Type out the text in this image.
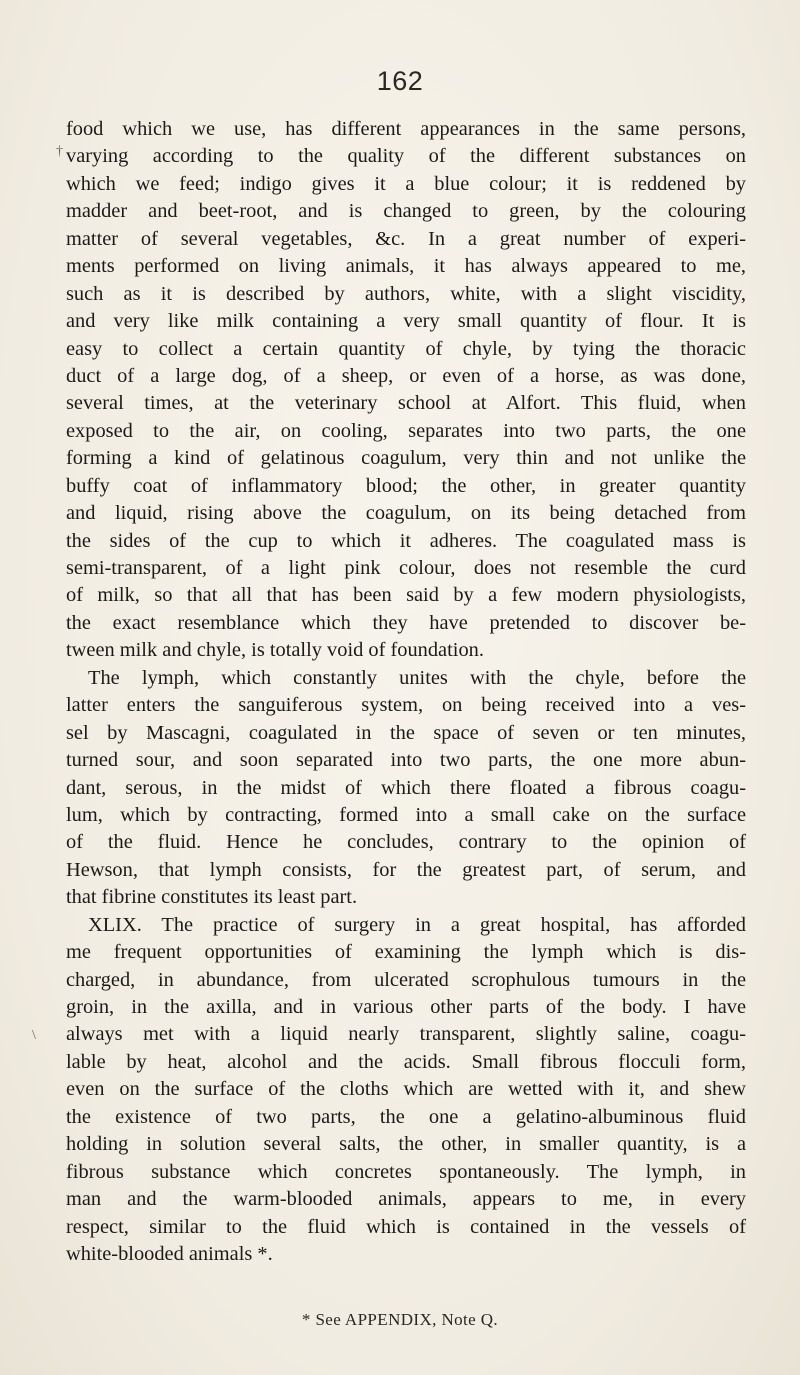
162
†
\
food which we use, has different appearances in the same persons,
varying according to the quality of the different substances on
which we feed; indigo gives it a blue colour; it is reddened by
madder and beet-root, and is changed to green, by the colouring
matter of several vegetables, &c. In a great number of experi-
ments performed on living animals, it has always appeared to me,
such as it is described by authors, white, with a slight viscidity,
and very like milk containing a very small quantity of flour. It is
easy to collect a certain quantity of chyle, by tying the thoracic
duct of a large dog, of a sheep, or even of a horse, as was done,
several times, at the veterinary school at Alfort. This fluid, when
exposed to the air, on cooling, separates into two parts, the one
forming a kind of gelatinous coagulum, very thin and not unlike the
buffy coat of inflammatory blood; the other, in greater quantity
and liquid, rising above the coagulum, on its being detached from
the sides of the cup to which it adheres. The coagulated mass is
semi-transparent, of a light pink colour, does not resemble the curd
of milk, so that all that has been said by a few modern physiologists,
the exact resemblance which they have pretended to discover be-
tween milk and chyle, is totally void of foundation.
The lymph, which constantly unites with the chyle, before the
latter enters the sanguiferous system, on being received into a ves-
sel by Mascagni, coagulated in the space of seven or ten minutes,
turned sour, and soon separated into two parts, the one more abun-
dant, serous, in the midst of which there floated a fibrous coagu-
lum, which by contracting, formed into a small cake on the surface
of the fluid. Hence he concludes, contrary to the opinion of
Hewson, that lymph consists, for the greatest part, of serum, and
that fibrine constitutes its least part.
XLIX. The practice of surgery in a great hospital, has afforded
me frequent opportunities of examining the lymph which is dis-
charged, in abundance, from ulcerated scrophulous tumours in the
groin, in the axilla, and in various other parts of the body. I have
always met with a liquid nearly transparent, slightly saline, coagu-
lable by heat, alcohol and the acids. Small fibrous flocculi form,
even on the surface of the cloths which are wetted with it, and shew
the existence of two parts, the one a gelatino-albuminous fluid
holding in solution several salts, the other, in smaller quantity, is a
fibrous substance which concretes spontaneously. The lymph, in
man and the warm-blooded animals, appears to me, in every
respect, similar to the fluid which is contained in the vessels of
white-blooded animals *.
* See APPENDIX, Note Q.
